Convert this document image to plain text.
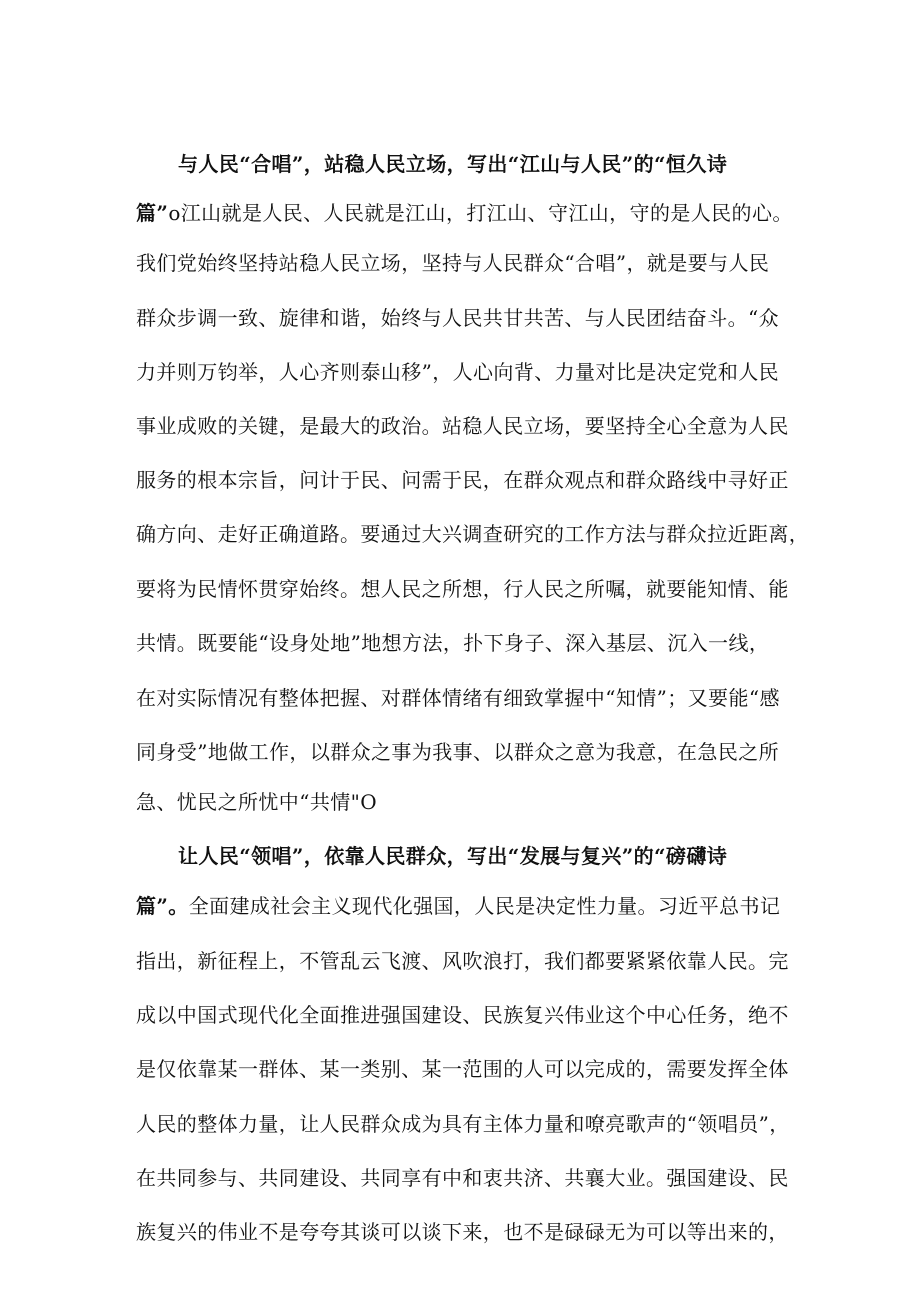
与人民“合唱”，站稳人民立场，写出“江山与人民”的“恒久诗
篇”o江山就是人民、人民就是江山，打江山、守江山，守的是人民的心。
我们党始终坚持站稳人民立场，坚持与人民群众“合唱”，就是要与人民
群众步调一致、旋律和谐，始终与人民共甘共苦、与人民团结奋斗。“众
力并则万钧举，人心齐则泰山移”，人心向背、力量对比是决定党和人民
事业成败的关键，是最大的政治。站稳人民立场，要坚持全心全意为人民
服务的根本宗旨，问计于民、问需于民，在群众观点和群众路线中寻好正
确方向、走好正确道路。要通过大兴调查研究的工作方法与群众拉近距离，
要将为民情怀贯穿始终。想人民之所想，行人民之所嘱，就要能知情、能
共情。既要能“设身处地”地想方法，扑下身子、深入基层、沉入一线，
在对实际情况有整体把握、对群体情绪有细致掌握中“知情”；又要能“感
同身受”地做工作，以群众之事为我事、以群众之意为我意，在急民之所
急、忧民之所忧中“共情"O
让人民“领唱”，依靠人民群众，写出“发展与复兴”的“磅礴诗
篇”。全面建成社会主义现代化强国，人民是决定性力量。习近平总书记
指出，新征程上，不管乱云飞渡、风吹浪打，我们都要紧紧依靠人民。完
成以中国式现代化全面推进强国建设、民族复兴伟业这个中心任务，绝不
是仅依靠某一群体、某一类别、某一范围的人可以完成的，需要发挥全体
人民的整体力量，让人民群众成为具有主体力量和嘹亮歌声的“领唱员”，
在共同参与、共同建设、共同享有中和衷共济、共襄大业。强国建设、民
族复兴的伟业不是夸夸其谈可以谈下来，也不是碌碌无为可以等出来的，
